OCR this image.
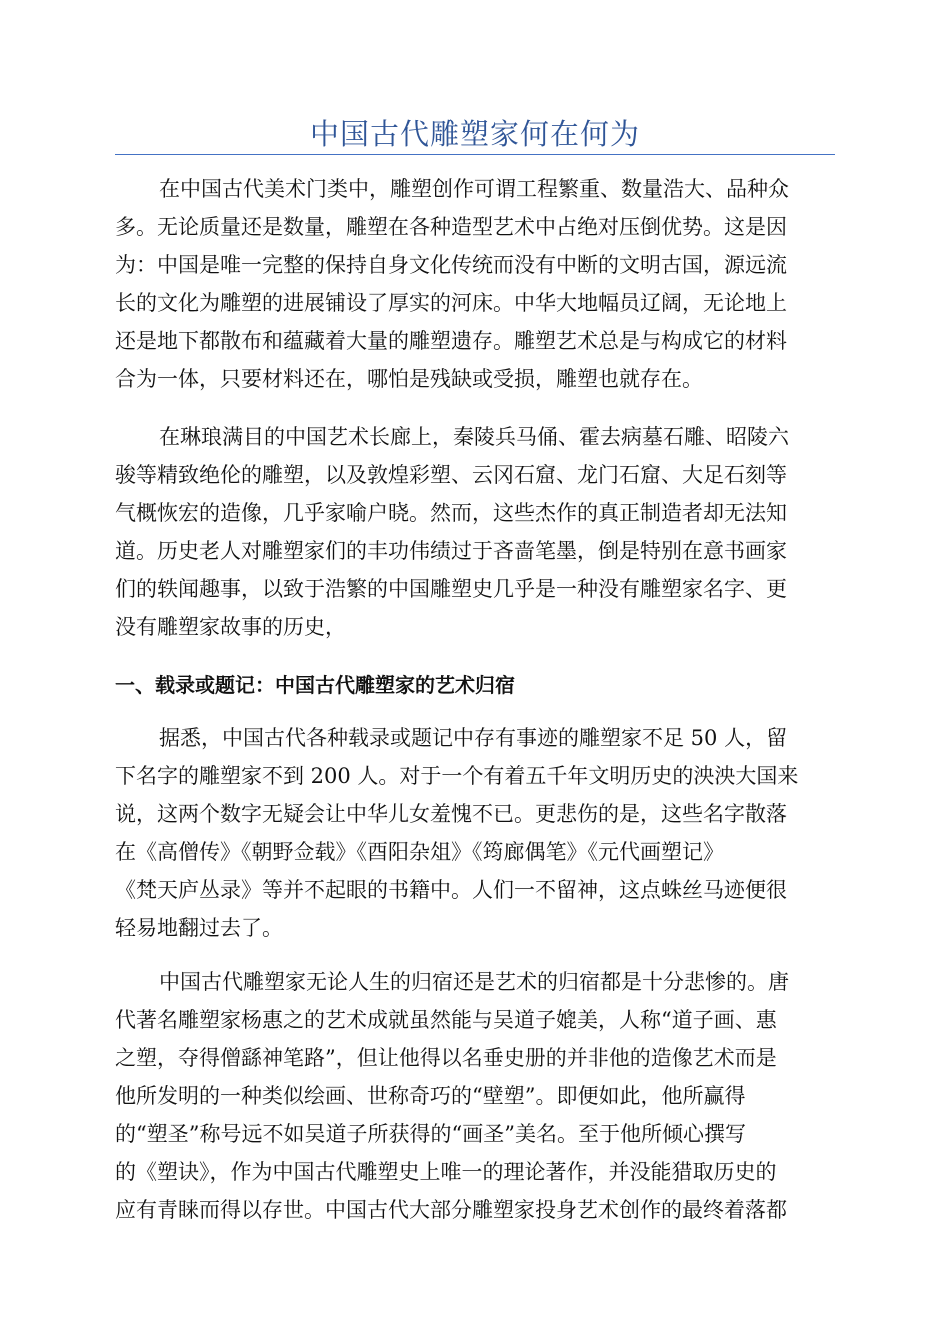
中国古代雕塑家何在何为
在中国古代美术门类中，雕塑创作可谓工程繁重、数量浩大、品种众
多。无论质量还是数量，雕塑在各种造型艺术中占绝对压倒优势。这是因
为：中国是唯一完整的保持自身文化传统而没有中断的文明古国，源远流
长的文化为雕塑的进展铺设了厚实的河床。中华大地幅员辽阔，无论地上
还是地下都散布和蕴藏着大量的雕塑遗存。雕塑艺术总是与构成它的材料
合为一体，只要材料还在，哪怕是残缺或受损，雕塑也就存在。
在琳琅满目的中国艺术长廊上，秦陵兵马俑、霍去病墓石雕、昭陵六
骏等精致绝伦的雕塑，以及敦煌彩塑、云冈石窟、龙门石窟、大足石刻等
气概恢宏的造像，几乎家喻户晓。然而，这些杰作的真正制造者却无法知
道。历史老人对雕塑家们的丰功伟绩过于吝啬笔墨，倒是特别在意书画家
们的轶闻趣事，以致于浩繁的中国雕塑史几乎是一种没有雕塑家名字、更
没有雕塑家故事的历史，
一、载录或题记：中国古代雕塑家的艺术归宿
据悉，中国古代各种载录或题记中存有事迹的雕塑家不足 50 人，留
下名字的雕塑家不到 200 人。对于一个有着五千年文明历史的泱泱大国来
说，这两个数字无疑会让中华儿女羞愧不已。更悲伤的是，这些名字散落
在《高僧传》《朝野佥载》《酉阳杂俎》《筠廊偶笔》《元代画塑记》
《梵天庐丛录》等并不起眼的书籍中。人们一不留神，这点蛛丝马迹便很
轻易地翻过去了。
中国古代雕塑家无论人生的归宿还是艺术的归宿都是十分悲惨的。唐
代著名雕塑家杨惠之的艺术成就虽然能与吴道子媲美，人称“道子画、惠
之塑，夺得僧繇神笔路”，但让他得以名垂史册的并非他的造像艺术而是
他所发明的一种类似绘画、世称奇巧的“壁塑”。即便如此，他所赢得
的“塑圣”称号远不如吴道子所获得的“画圣”美名。至于他所倾心撰写
的《塑诀》，作为中国古代雕塑史上唯一的理论著作，并没能猎取历史的
应有青睐而得以存世。中国古代大部分雕塑家投身艺术创作的最终着落都
